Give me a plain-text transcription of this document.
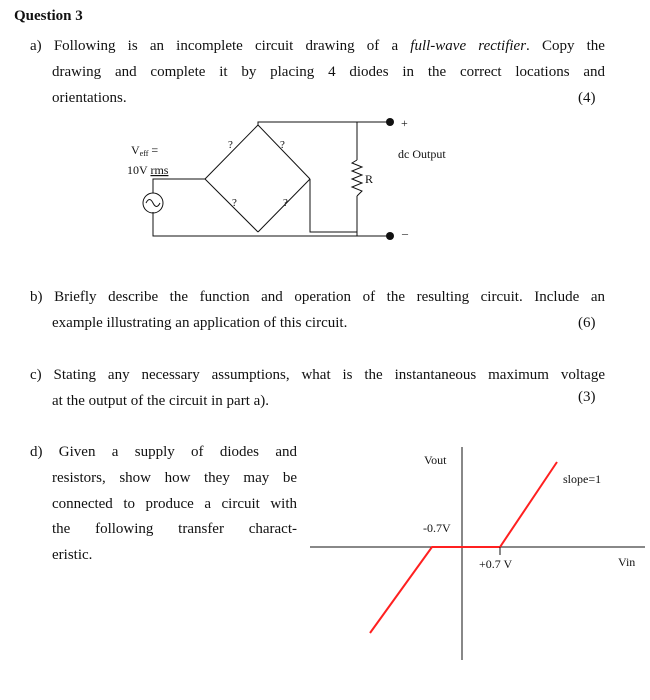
Question 3
a) Following is an incomplete circuit drawing of a full-wave rectifier. Copy the
drawing and complete it by placing 4 diodes in the correct locations and
orientations.	(4)
Veff =
10V rms
?	?
?	?
R
dc Output
+
–
b) Briefly describe the function and operation of the resulting circuit. Include an
example illustrating an application of this circuit.	(6)
c) Stating any necessary assumptions, what is the instantaneous maximum voltage
at the output of the circuit in part a).	(3)
d) Given a supply of diodes and
resistors, show how they may be
connected to produce a circuit with
the following transfer charact-
eristic.
Vout
Vin
-0.7V
+0.7 V
slope=1
